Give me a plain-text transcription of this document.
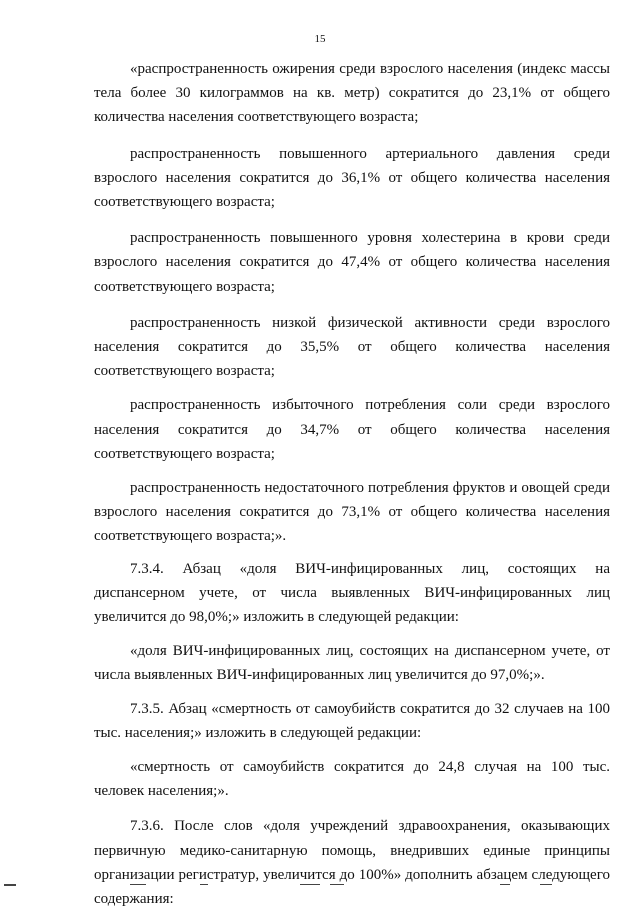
15

«распространенность ожирения среди взрослого населения (индекс массы тела более 30 килограммов на кв. метр) сократится до 23,1% от общего количества населения соответствующего возраста;

распространенность повышенного артериального давления среди взрослого населения сократится до 36,1% от общего количества населения соответствующего возраста;

распространенность повышенного уровня холестерина в крови среди взрослого населения сократится до 47,4% от общего количества населения соответствующего возраста;

распространенность низкой физической активности среди взрослого населения сократится до 35,5% от общего количества населения соответствующего возраста;

распространенность избыточного потребления соли среди взрослого населения сократится до 34,7% от общего количества населения соответствующего возраста;

распространенность недостаточного потребления фруктов и овощей среди взрослого населения сократится до 73,1% от общего количества населения соответствующего возраста;».

7.3.4. Абзац «доля ВИЧ-инфицированных лиц, состоящих на диспансерном учете, от числа выявленных ВИЧ-инфицированных лиц увеличится до 98,0%;» изложить в следующей редакции:

«доля ВИЧ-инфицированных лиц, состоящих на диспансерном учете, от числа выявленных ВИЧ-инфицированных лиц увеличится до 97,0%;».

7.3.5. Абзац «смертность от самоубийств сократится до 32 случаев на 100 тыс. населения;» изложить в следующей редакции:

«смертность от самоубийств сократится до 24,8 случая на 100 тыс. человек населения;».

7.3.6. После слов «доля учреждений здравоохранения, оказывающих первичную медико-санитарную помощь, внедривших единые принципы организации регистратур, увеличится до 100%» дополнить абзацем следующего содержания:
